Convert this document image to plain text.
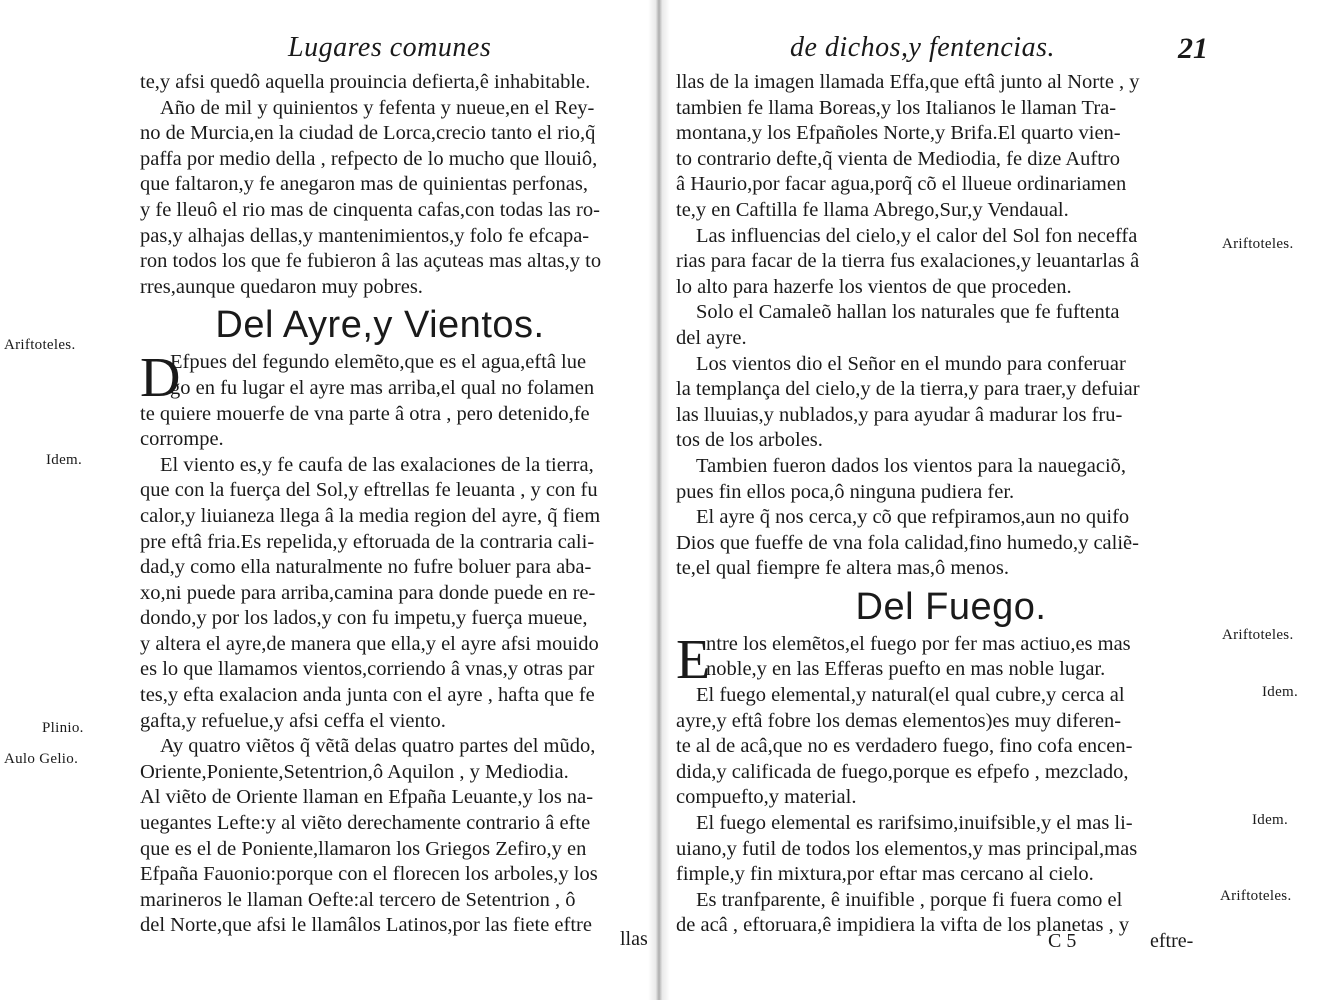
Lugares comunes
te,y afsi quedô aquella prouincia defierta,ê inhabitable.
Año de mil y quinientos y fefenta y nueue,en el Rey-
no de Murcia,en la ciudad de Lorca,crecio tanto el rio,q̃
paffa por medio della , refpecto de lo mucho que llouiô,
que faltaron,y fe anegaron mas de quinientas perfonas,
y fe lleuô el rio mas de cinquenta cafas,con todas las ro-
pas,y alhajas dellas,y mantenimientos,y folo fe efcapa-
ron todos los que fe fubieron â las açuteas mas altas,y to
rres,aunque quedaron muy pobres.
Del Ayre,y Vientos.
D
Efpues del fegundo elemẽto,que es el agua,eftâ lue
go en fu lugar el ayre mas arriba,el qual no folamen
te quiere mouerfe de vna parte â otra , pero detenido,fe
corrompe.
El viento es,y fe caufa de las exalaciones de la tierra,
que con la fuerça del Sol,y eftrellas fe leuanta , y con fu
calor,y liuianeza llega â la media region del ayre, q̃ fiem
pre eftâ fria.Es repelida,y eftoruada de la contraria cali-
dad,y como ella naturalmente no fufre boluer para aba-
xo,ni puede para arriba,camina para donde puede en re-
dondo,y por los lados,y con fu impetu,y fuerça mueue,
y altera el ayre,de manera que ella,y el ayre afsi mouido
es lo que llamamos vientos,corriendo â vnas,y otras par
tes,y efta exalacion anda junta con el ayre , hafta que fe
gafta,y refuelue,y afsi ceffa el viento.
Ay quatro viẽtos q̃ vẽtã delas quatro partes del mũdo,
Oriente,Poniente,Setentrion,ô Aquilon , y Mediodia.
Al viẽto de Oriente llaman en Efpaña Leuante,y los na-
uegantes Lefte:y al viẽto derechamente contrario â efte
que es el de Poniente,llamaron los Griegos Zefiro,y en
Efpaña Fauonio:porque con el florecen los arboles,y los
marineros le llaman Oefte:al tercero de Setentrion , ô
del Norte,que afsi le llamâlos Latinos,por las fiete eftre
llas
Ariftoteles.
Idem.
Plinio.
Aulo Gelio.
de dichos,y fentencias.	21
llas de la imagen llamada Effa,que eftâ junto al Norte , y
tambien fe llama Boreas,y los Italianos le llaman Tra-
montana,y los Efpañoles Norte,y Brifa.El quarto vien-
to contrario defte,q̃ vienta de Mediodia, fe dize Auftro
â Haurio,por facar agua,porq̃ cõ el llueue ordinariamen
te,y en Caftilla fe llama Abrego,Sur,y Vendaual.
Las influencias del cielo,y el calor del Sol fon neceffa
rias para facar de la tierra fus exalaciones,y leuantarlas â
lo alto para hazerfe los vientos de que proceden.
Solo el Camaleõ hallan los naturales que fe fuftenta
del ayre.
Los vientos dio el Señor en el mundo para conferuar
la templança del cielo,y de la tierra,y para traer,y defuiar
las lluuias,y nublados,y para ayudar â madurar los fru-
tos de los arboles.
Tambien fueron dados los vientos para la nauegaciõ,
pues fin ellos poca,ô ninguna pudiera fer.
El ayre q̃ nos cerca,y cõ que refpiramos,aun no quifo
Dios que fueffe de vna fola calidad,fino humedo,y caliẽ-
te,el qual fiempre fe altera mas,ô menos.
Del Fuego.
E
ntre los elemẽtos,el fuego por fer mas actiuo,es mas
noble,y en las Efferas puefto en mas noble lugar.
El fuego elemental,y natural(el qual cubre,y cerca al
ayre,y eftâ fobre los demas elementos)es muy diferen-
te al de acâ,que no es verdadero fuego, fino cofa encen-
dida,y calificada de fuego,porque es efpefo , mezclado,
compuefto,y material.
El fuego elemental es rarifsimo,inuifsible,y el mas li-
uiano,y futil de todos los elementos,y mas principal,mas
fimple,y fin mixtura,por eftar mas cercano al cielo.
Es tranfparente, ê inuifible , porque fi fuera como el
de acâ , eftoruara,ê impidiera la vifta de los planetas , y
C 5	eftre-
Ariftoteles.
Ariftoteles.
Idem.
Idem.
Ariftoteles.
